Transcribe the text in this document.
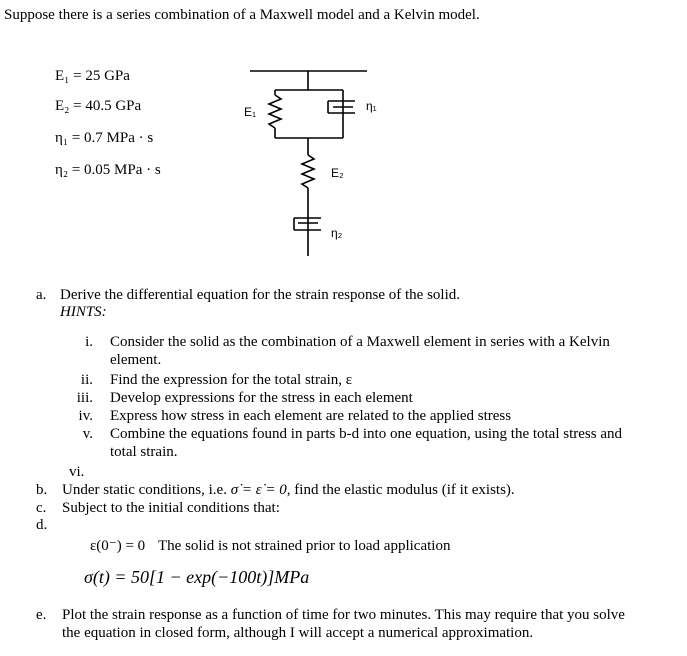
Suppose there is a series combination of a Maxwell model and a Kelvin model.
E₁ = 25 GPa
E₂ = 40.5 GPa
η₁ = 0.7 MPa · s
η₂ = 0.05 MPa · s
E₁	η₁
E₂
η₂
a. Derive the differential equation for the strain response of the solid.
HINTS:
i. Consider the solid as the combination of a Maxwell element in series with a Kelvin
element.
ii. Find the expression for the total strain, ε
iii. Develop expressions for the stress in each element
iv. Express how stress in each element are related to the applied stress
v. Combine the equations found in parts b-d into one equation, using the total stress and
total strain.
vi.
b. Under static conditions, i.e. σ̇ = ε̇ = 0, find the elastic modulus (if it exists).
c. Subject to the initial conditions that:
d.
ε(0⁻) = 0 The solid is not strained prior to load application
σ(t) = 50[1 − exp(−100t)]MPa
e. Plot the strain response as a function of time for two minutes. This may require that you solve
the equation in closed form, although I will accept a numerical approximation.
